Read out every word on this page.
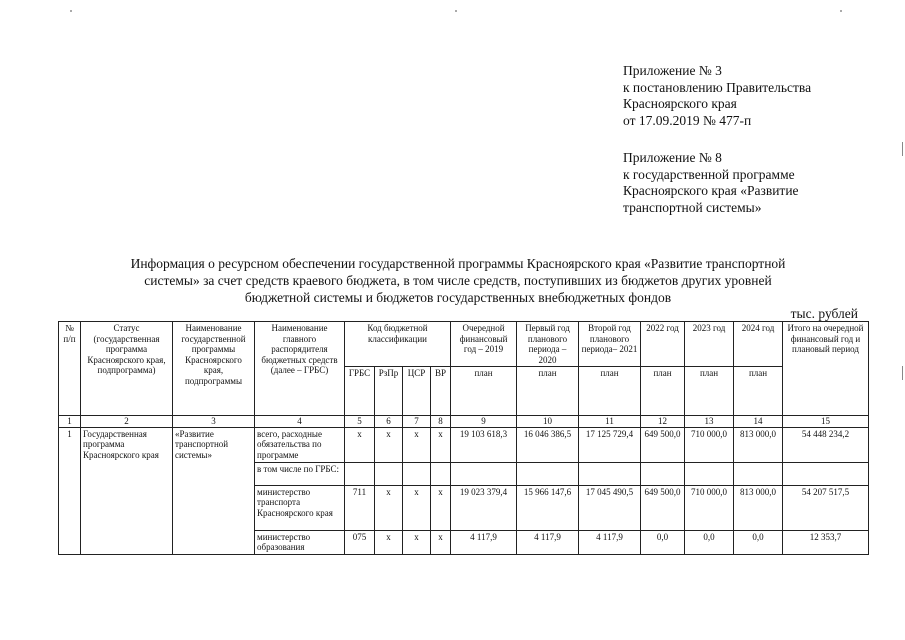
Приложение № 3
к постановлению Правительства
Красноярского края
от 17.09.2019 № 477-п
Приложение № 8
к государственной программе
Красноярского края «Развитие
транспортной системы»
Информация о ресурсном обеспечении государственной программы Красноярского края «Развитие транспортной
системы» за счет средств краевого бюджета, в том числе средств, поступивших из бюджетов других уровней
бюджетной системы и бюджетов государственных внебюджетных фондов
тыс. рублей
№ п/п	Статус (государственная программа Красноярского края, подпрограмма)	Наименование государственной программы Красноярского края, подпрограммы	Наименование главного распорядителя бюджетных средств (далее – ГРБС)	Код бюджетной классификации				Очередной финансовый год – 2019	Первый год планового периода – 2020	Второй год планового периода– 2021	2022 год	2023 год	2024 год	Итого на очередной финансовый год и плановый период
				ГРБС	РзПр	ЦСР	ВР	план	план	план	план	план	план	
1	2	3	4	5	6	7	8	9	10	11	12	13	14	15
1	Государственная программа Красноярского края	«Развитие транспортной системы»	всего, расходные обязательства по программе	x	x	x	x	19 103 618,3	16 046 386,5	17 125 729,4	649 500,0	710 000,0	813 000,0	54 448 234,2
			в том числе по ГРБС:											
			министерство транспорта Красноярского края	711	x	x	x	19 023 379,4	15 966 147,6	17 045 490,5	649 500,0	710 000,0	813 000,0	54 207 517,5
			министерство образования	075	x	x	x	4 117,9	4 117,9	4 117,9	0,0	0,0	0,0	12 353,7
